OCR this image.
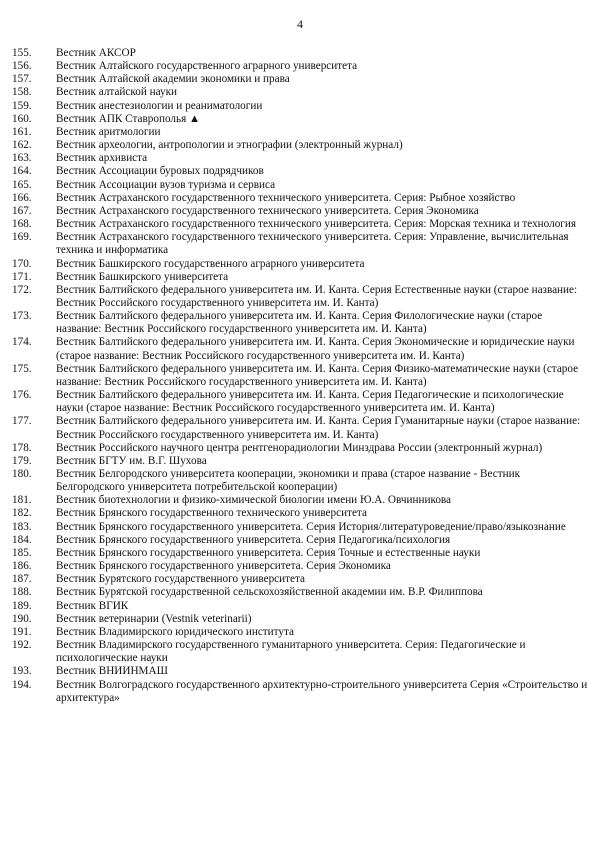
4
155.	Вестник АКСОР
156.	Вестник Алтайского государственного аграрного университета
157.	Вестник Алтайской академии экономики и права
158.	Вестник алтайской науки
159.	Вестник анестезиологии и реаниматологии
160.	Вестник АПК Ставрополья ▲
161.	Вестник аритмологии
162.	Вестник археологии, антропологии и этнографии (электронный журнал)
163.	Вестник архивиста
164.	Вестник Ассоциации буровых подрядчиков
165.	Вестник Ассоциации вузов туризма и сервиса
166.	Вестник Астраханского государственного технического университета. Серия: Рыбное хозяйство
167.	Вестник Астраханского государственного технического университета. Серия Экономика
168.	Вестник Астраханского государственного технического университета. Серия: Морская техника и технология
169.	Вестник Астраханского государственного технического университета. Серия: Управление, вычислительная техника и информатика
170.	Вестник Башкирского государственного аграрного университета
171.	Вестник Башкирского университета
172.	Вестник Балтийского федерального университета им. И. Канта. Серия Естественные науки (старое название: Вестник Российского государственного университета им. И. Канта)
173.	Вестник Балтийского федерального университета им. И. Канта. Серия Филологические науки (старое название: Вестник Российского государственного университета им. И. Канта)
174.	Вестник Балтийского федерального университета им. И. Канта. Серия Экономические и юридические науки (старое название: Вестник Российского государственного университета им. И. Канта)
175.	Вестник Балтийского федерального университета им. И. Канта. Серия Физико-математические науки (старое название: Вестник Российского государственного университета им. И. Канта)
176.	Вестник Балтийского федерального университета им. И. Канта. Серия Педагогические и психологические науки (старое название: Вестник Российского государственного университета им. И. Канта)
177.	Вестник Балтийского федерального университета им. И. Канта. Серия Гуманитарные науки (старое название: Вестник Российского государственного университета им. И. Канта)
178.	Вестник Российского научного центра рентгенорадиологии Минздрава России (электронный журнал)
179.	Вестник БГТУ им. В.Г. Шухова
180.	Вестник Белгородского университета кооперации, экономики и права (старое название - Вестник Белгородского университета потребительской кооперации)
181.	Вестник биотехнологии и физико-химической биологии имени Ю.А. Овчинникова
182.	Вестник Брянского государственного технического университета
183.	Вестник Брянского государственного университета. Серия История/литературоведение/право/языкознание
184.	Вестник Брянского государственного университета. Серия Педагогика/психология
185.	Вестник Брянского государственного университета. Серия Точные и естественные науки
186.	Вестник Брянского государственного университета. Серия Экономика
187.	Вестник Бурятского государственного университета
188.	Вестник Бурятской государственной сельскохозяйственной академии им. В.Р. Филиппова
189.	Вестник ВГИК
190.	Вестник ветеринарии (Vestnik veterinarii)
191.	Вестник Владимирского юридического института
192.	Вестник Владимирского государственного гуманитарного университета. Серия: Педагогические и психологические науки
193.	Вестник ВНИИНМАШ
194.	Вестник Волгоградского государственного архитектурно-строительного университета Серия «Строительство и архитектура»
